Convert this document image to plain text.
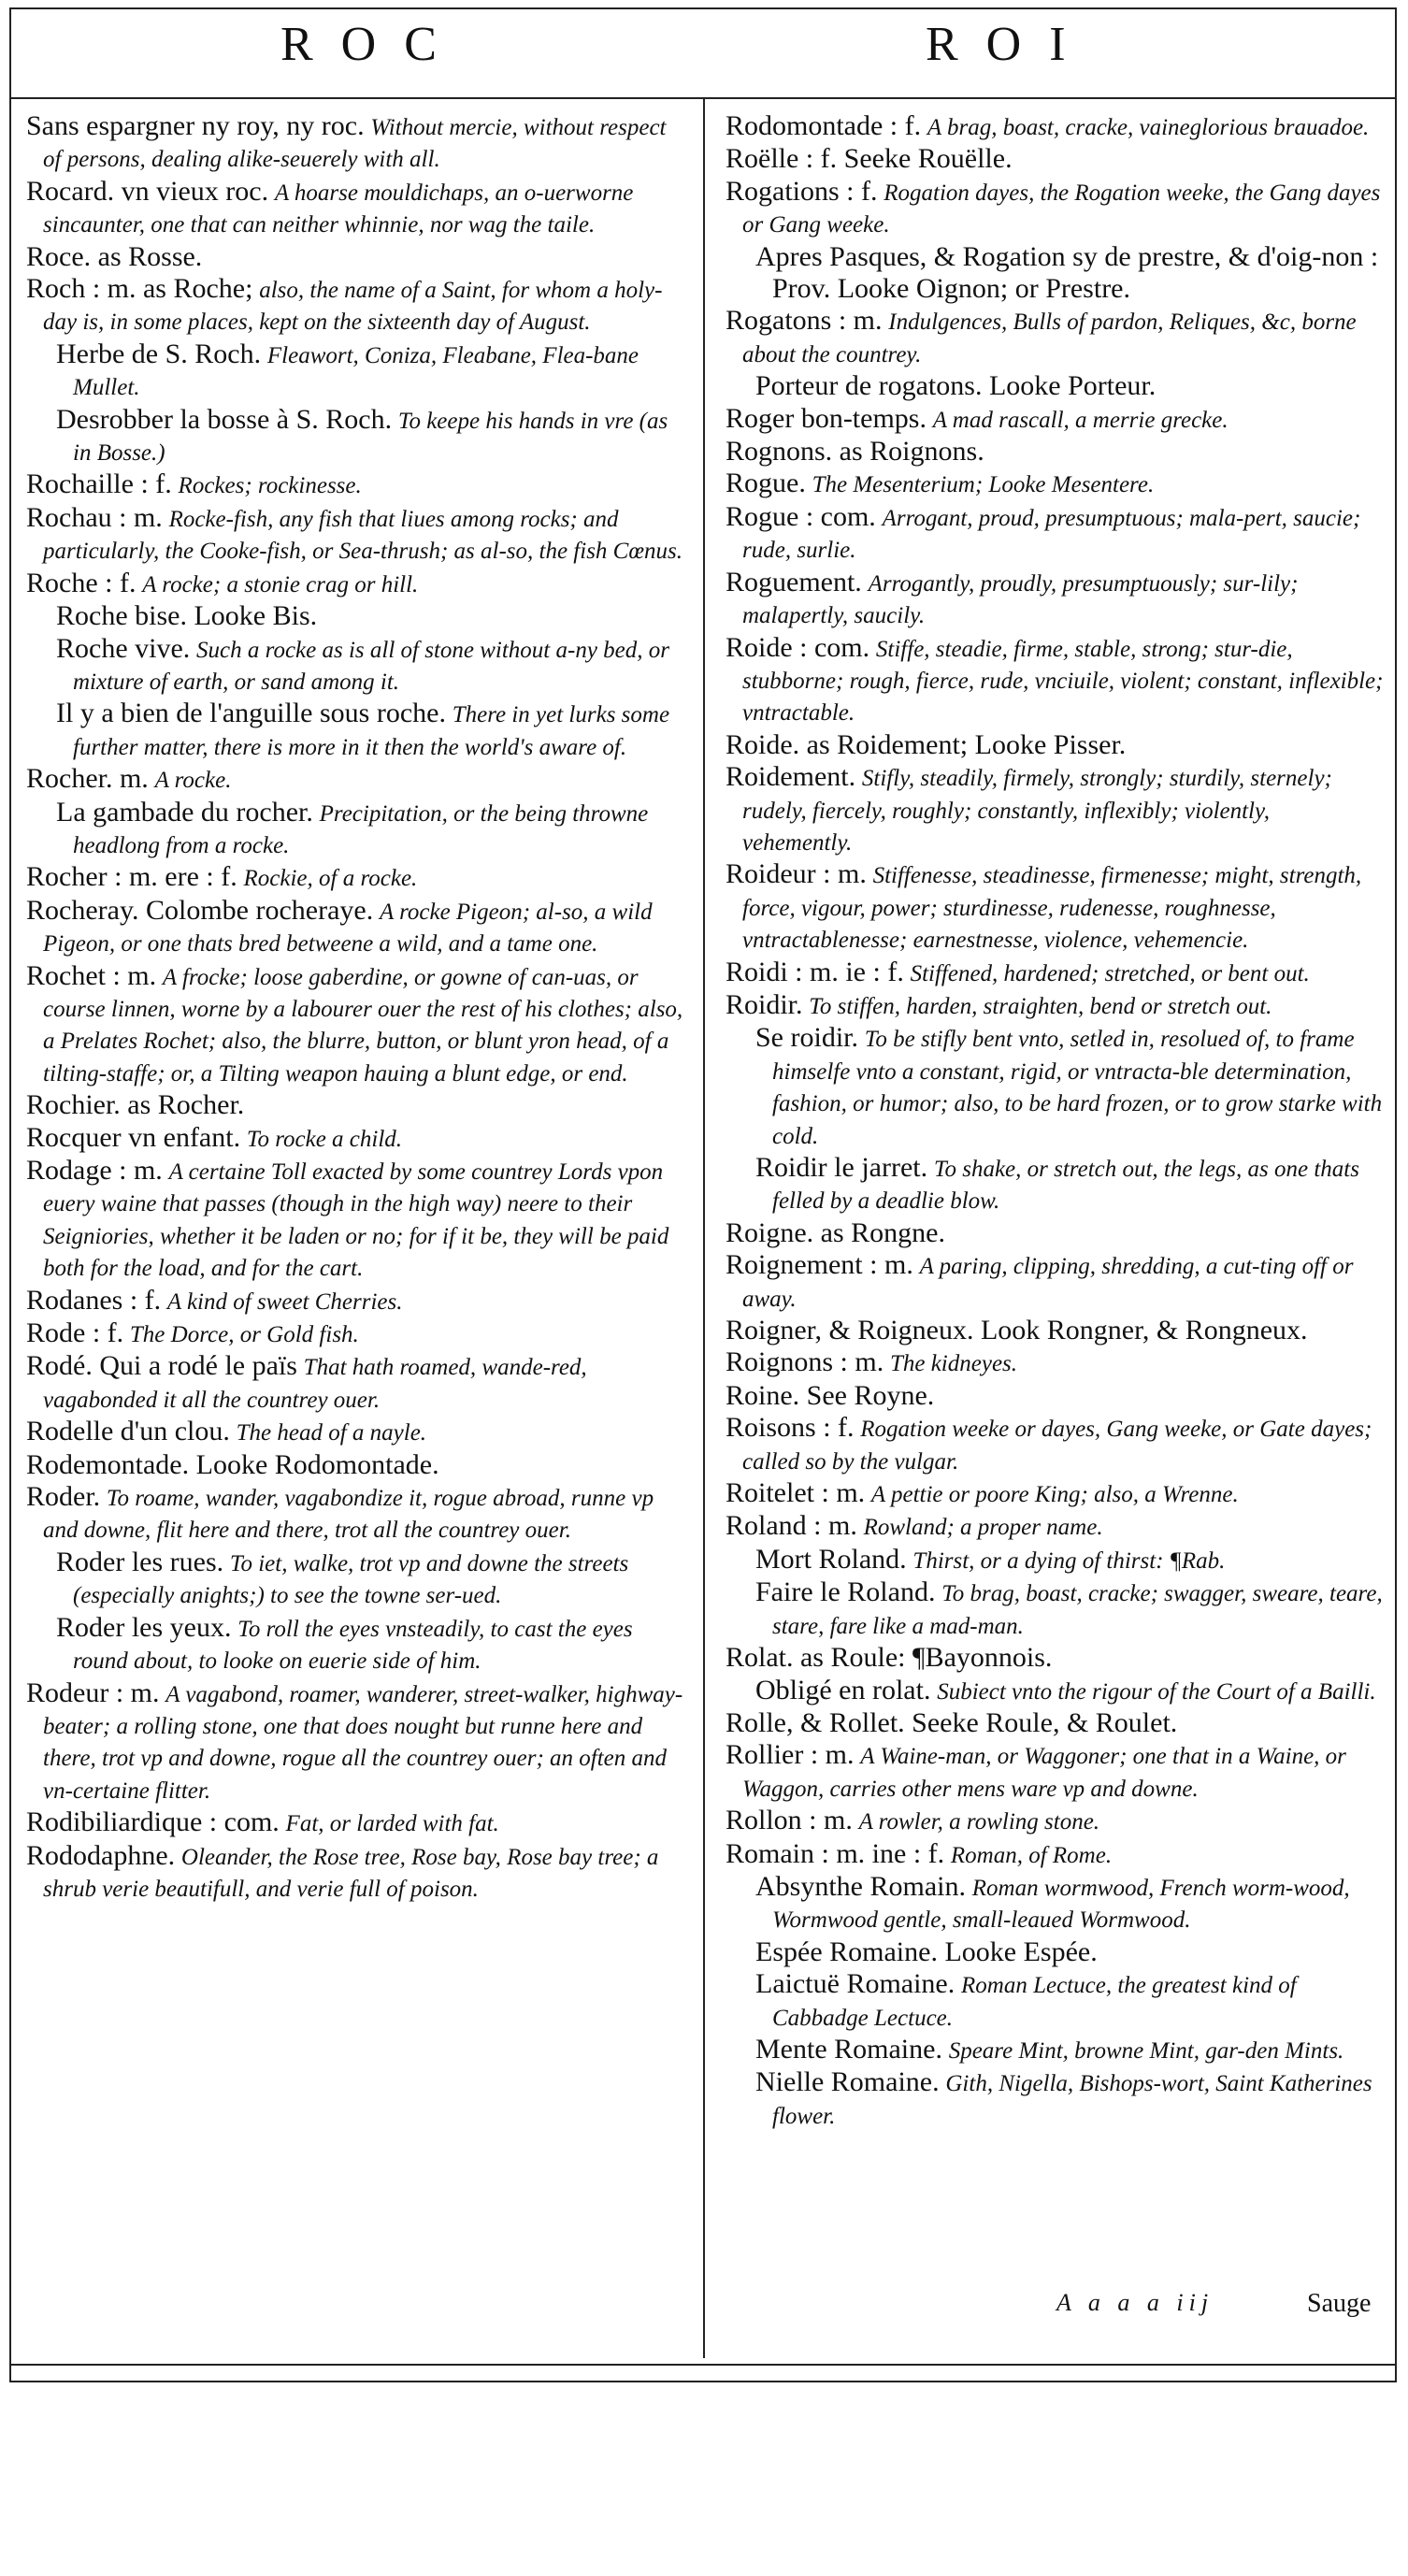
ROC	ROI

Sans espargner ny roy, ny roc. Without mercie, without respect of persons, dealing alike-seuerely with all.

Rocard. vn vieux roc. A hoarse mouldichaps, an o-uerworne sincaunter, one that can neither whinnie, nor wag the taile.

Roce. as Rosse.

Roch : m. as Roche; also, the name of a Saint, for whom a holy-day is, in some places, kept on the sixteenth day of August.

Herbe de S. Roch. Fleawort, Coniza, Fleabane, Flea-bane Mullet.

Desrobber la bosse à S. Roch. To keepe his hands in vre (as in Bosse.)

Rochaille : f. Rockes; rockinesse.

Rochau : m. Rocke-fish, any fish that liues among rocks; and particularly, the Cooke-fish, or Sea-thrush; as al-so, the fish Cœnus.

Roche : f. A rocke; a stonie crag or hill.

Roche bise. Looke Bis.

Roche vive. Such a rocke as is all of stone without a-ny bed, or mixture of earth, or sand among it.

Il y a bien de l'anguille sous roche. There in yet lurks some further matter, there is more in it then the world's aware of.

Rocher. m. A rocke.

La gambade du rocher. Precipitation, or the being throwne headlong from a rocke.

Rocher : m. ere : f. Rockie, of a rocke.

Rocheray. Colombe rocheraye. A rocke Pigeon; al-so, a wild Pigeon, or one thats bred betweene a wild, and a tame one.

Rochet : m. A frocke; loose gaberdine, or gowne of can-uas, or course linnen, worne by a labourer ouer the rest of his clothes; also, a Prelates Rochet; also, the blurre, button, or blunt yron head, of a tilting-staffe; or, a Tilting weapon hauing a blunt edge, or end.

Rochier. as Rocher.

Rocquer vn enfant. To rocke a child.

Rodage : m. A certaine Toll exacted by some countrey Lords vpon euery waine that passes (though in the high way) neere to their Seigniories, whether it be laden or no; for if it be, they will be paid both for the load, and for the cart.

Rodanes : f. A kind of sweet Cherries.

Rode : f. The Dorce, or Gold fish.

Rodé. Qui a rodé le païs That hath roamed, wande-red, vagabonded it all the countrey ouer.

Rodelle d'un clou. The head of a nayle.

Rodemontade. Looke Rodomontade.

Roder. To roame, wander, vagabondize it, rogue abroad, runne vp and downe, flit here and there, trot all the countrey ouer.

Roder les rues. To iet, walke, trot vp and downe the streets (especially anights;) to see the towne ser-ued.

Roder les yeux. To roll the eyes vnsteadily, to cast the eyes round about, to looke on euerie side of him.

Rodeur : m. A vagabond, roamer, wanderer, street-walker, highway-beater; a rolling stone, one that does nought but runne here and there, trot vp and downe, rogue all the countrey ouer; an often and vn-certaine flitter.

Rodibiliardique : com. Fat, or larded with fat.

Rododaphne. Oleander, the Rose tree, Rose bay, Rose bay tree; a shrub verie beautifull, and verie full of poison.

Rodomontade : f. A brag, boast, cracke, vaineglorious brauadoe.

Roëlle : f. Seeke Rouëlle.

Rogations : f. Rogation dayes, the Rogation weeke, the Gang dayes or Gang weeke.

Apres Pasques, & Rogation sy de prestre, & d'oig-non : Prov. Looke Oignon; or Prestre.

Rogatons : m. Indulgences, Bulls of pardon, Reliques, &c, borne about the countrey.

Porteur de rogatons. Looke Porteur.

Roger bon-temps. A mad rascall, a merrie grecke.

Rognons. as Roignons.

Rogue. The Mesenterium; Looke Mesentere.

Rogue : com. Arrogant, proud, presumptuous; mala-pert, saucie; rude, surlie.

Roguement. Arrogantly, proudly, presumptuously; sur-lily; malapertly, saucily.

Roide : com. Stiffe, steadie, firme, stable, strong; stur-die, stubborne; rough, fierce, rude, vnciuile, violent; constant, inflexible; vntractable.

Roide. as Roidement; Looke Pisser.

Roidement. Stifly, steadily, firmely, strongly; sturdily, sternely; rudely, fiercely, roughly; constantly, inflexibly; violently, vehemently.

Roideur : m. Stiffenesse, steadinesse, firmenesse; might, strength, force, vigour, power; sturdinesse, rudenesse, roughnesse, vntractablenesse; earnestnesse, violence, vehemencie.

Roidi : m. ie : f. Stiffened, hardened; stretched, or bent out.

Roidir. To stiffen, harden, straighten, bend or stretch out.

Se roidir. To be stifly bent vnto, setled in, resolued of, to frame himselfe vnto a constant, rigid, or vntracta-ble determination, fashion, or humor; also, to be hard frozen, or to grow starke with cold.

Roidir le jarret. To shake, or stretch out, the legs, as one thats felled by a deadlie blow.

Roigne. as Rongne.

Roignement : m. A paring, clipping, shredding, a cut-ting off or away.

Roigner, & Roigneux. Look Rongner, & Rongneux.

Roignons : m. The kidneyes.

Roine. See Royne.

Roisons : f. Rogation weeke or dayes, Gang weeke, or Gate dayes; called so by the vulgar.

Roitelet : m. A pettie or poore King; also, a Wrenne.

Roland : m. Rowland; a proper name.

Mort Roland. Thirst, or a dying of thirst: ¶Rab.

Faire le Roland. To brag, boast, cracke; swagger, sweare, teare, stare, fare like a mad-man.

Rolat. as Roule: ¶Bayonnois.

Obligé en rolat. Subiect vnto the rigour of the Court of a Bailli.

Rolle, & Rollet. Seeke Roule, & Roulet.

Rollier : m. A Waine-man, or Waggoner; one that in a Waine, or Waggon, carries other mens ware vp and downe.

Rollon : m. A rowler, a rowling stone.

Romain : m. ine : f. Roman, of Rome.

Absynthe Romain. Roman wormwood, French worm-wood, Wormwood gentle, small-leaued Wormwood.

Espée Romaine. Looke Espée.

Laictuë Romaine. Roman Lectuce, the greatest kind of Cabbadge Lectuce.

Mente Romaine. Speare Mint, browne Mint, gar-den Mints.

Nielle Romaine. Gith, Nigella, Bishops-wort, Saint Katherines flower.

A a a a iij	Sauge
